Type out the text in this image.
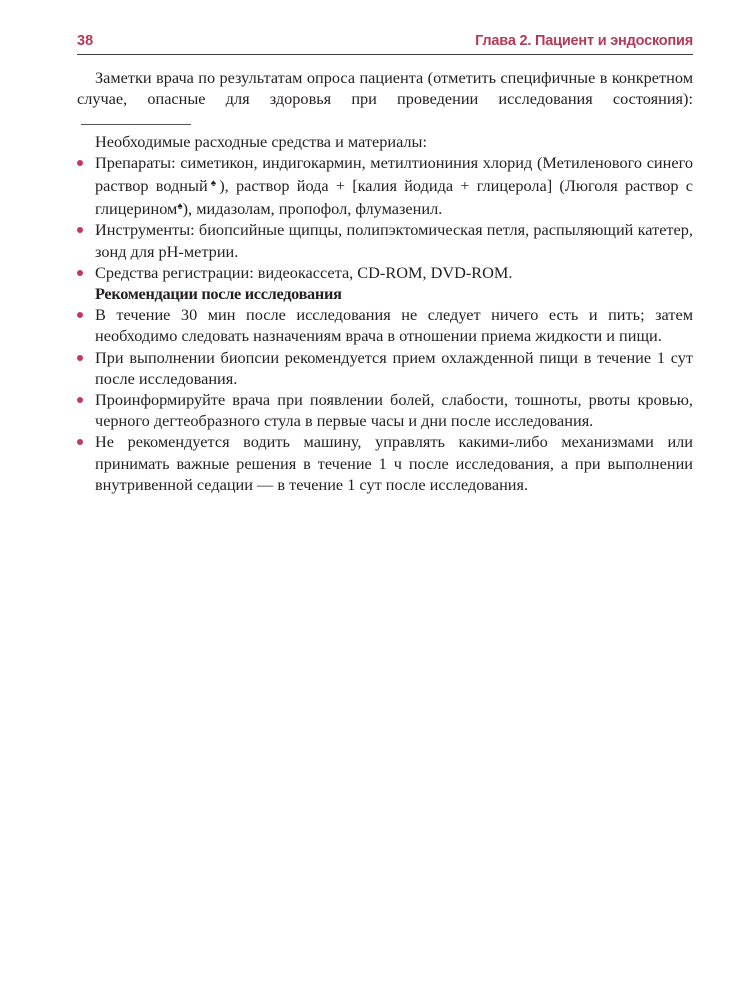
38	Глава 2. Пациент и эндоскопия

Заметки врача по результатам опроса пациента (отметить специфичные в конкретном случае, опасные для здоровья при проведении исследования состояния):

Необходимые расходные средства и материалы:

Препараты: симетикон, индигокармин, метилтиониния хлорид (Метиленового синего раствор водный♠), раствор йода + [калия йодида + глицерола] (Люголя раствор с глицерином♠), мидазолам, пропофол, флумазенил.
Инструменты: биопсийные щипцы, полипэктомическая петля, распыляющий катетер, зонд для pH-метрии.
Средства регистрации: видеокассета, CD-ROM, DVD-ROM.

Рекомендации после исследования

В течение 30 мин после исследования не следует ничего есть и пить; затем необходимо следовать назначениям врача в отношении приема жидкости и пищи.
При выполнении биопсии рекомендуется прием охлажденной пищи в течение 1 сут после исследования.
Проинформируйте врача при появлении болей, слабости, тошноты, рвоты кровью, черного дегтеобразного стула в первые часы и дни после исследования.
Не рекомендуется водить машину, управлять какими-либо механизмами или принимать важные решения в течение 1 ч после исследования, а при выполнении внутривенной седации — в течение 1 сут после исследования.
